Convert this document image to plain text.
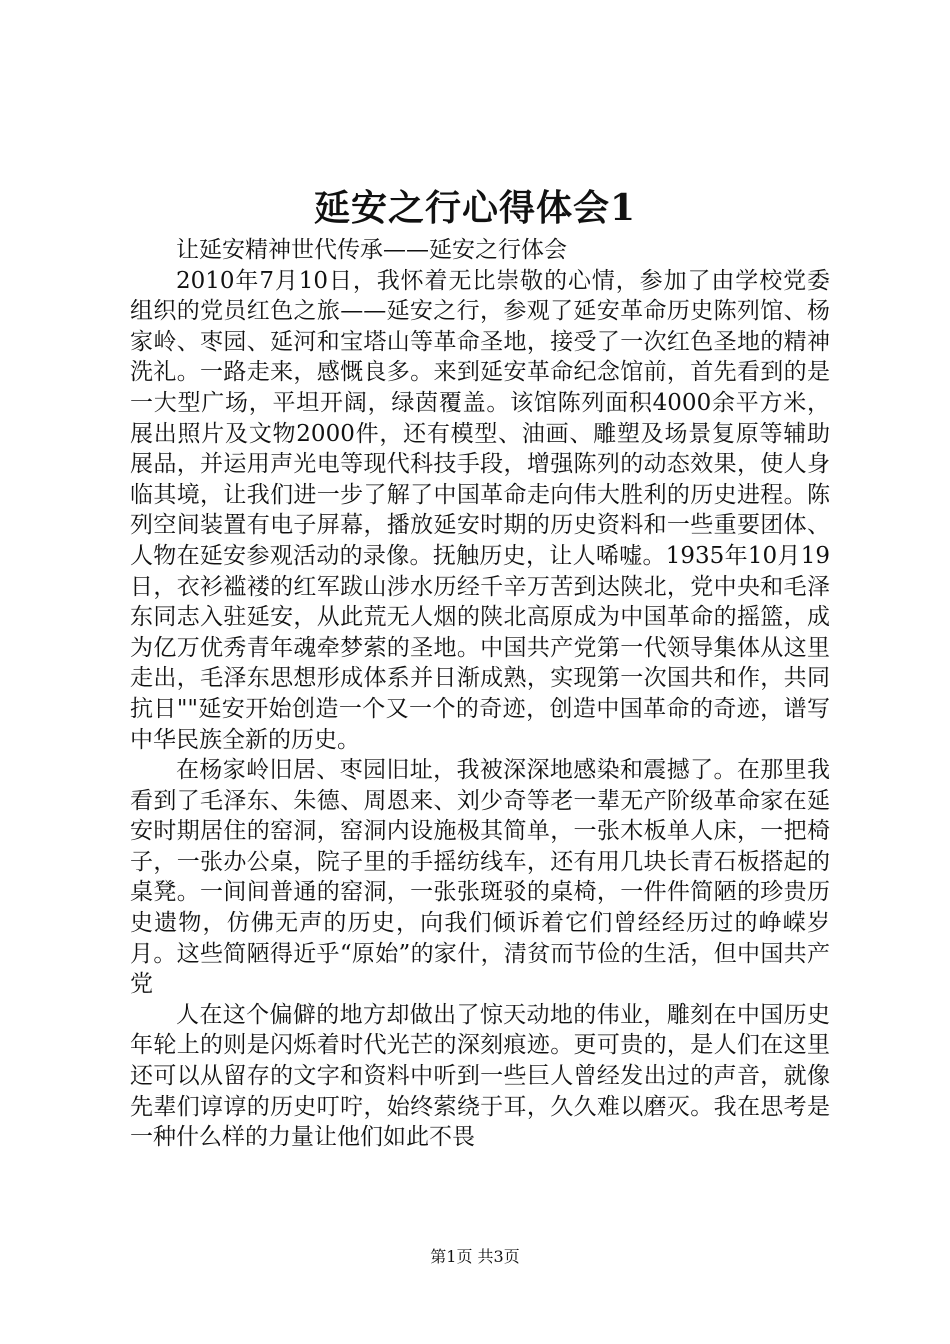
延安之行心得体会1

让延安精神世代传承——延安之行体会

2010年7月10日，我怀着无比崇敬的心情，参加了由学校党委组织的党员红色之旅——延安之行，参观了延安革命历史陈列馆、杨家岭、枣园、延河和宝塔山等革命圣地，接受了一次红色圣地的精神洗礼。一路走来，感慨良多。来到延安革命纪念馆前，首先看到的是一大型广场，平坦开阔，绿茵覆盖。该馆陈列面积4000余平方米，展出照片及文物2000件，还有模型、油画、雕塑及场景复原等辅助展品，并运用声光电等现代科技手段，增强陈列的动态效果，使人身临其境，让我们进一步了解了中国革命走向伟大胜利的历史进程。陈列空间装置有电子屏幕，播放延安时期的历史资料和一些重要团体、人物在延安参观活动的录像。抚触历史，让人唏嘘。1935年10月19日，衣衫褴褛的红军跋山涉水历经千辛万苦到达陕北，党中央和毛泽东同志入驻延安，从此荒无人烟的陕北高原成为中国革命的摇篮，成为亿万优秀青年魂牵梦萦的圣地。中国共产党第一代领导集体从这里走出，毛泽东思想形成体系并日渐成熟，实现第一次国共和作，共同抗日""延安开始创造一个又一个的奇迹，创造中国革命的奇迹，谱写中华民族全新的历史。

在杨家岭旧居、枣园旧址，我被深深地感染和震撼了。在那里我看到了毛泽东、朱德、周恩来、刘少奇等老一辈无产阶级革命家在延安时期居住的窑洞，窑洞内设施极其简单，一张木板单人床，一把椅子，一张办公桌，院子里的手摇纺线车，还有用几块长青石板搭起的桌凳。一间间普通的窑洞，一张张斑驳的桌椅，一件件简陋的珍贵历史遗物，仿佛无声的历史，向我们倾诉着它们曾经经历过的峥嵘岁月。这些简陋得近乎“原始”的家什，清贫而节俭的生活，但中国共产党

人在这个偏僻的地方却做出了惊天动地的伟业，雕刻在中国历史年轮上的则是闪烁着时代光芒的深刻痕迹。更可贵的，是人们在这里还可以从留存的文字和资料中听到一些巨人曾经发出过的声音，就像先辈们谆谆的历史叮咛，始终萦绕于耳，久久难以磨灭。我在思考是一种什么样的力量让他们如此不畏

第1页 共3页
